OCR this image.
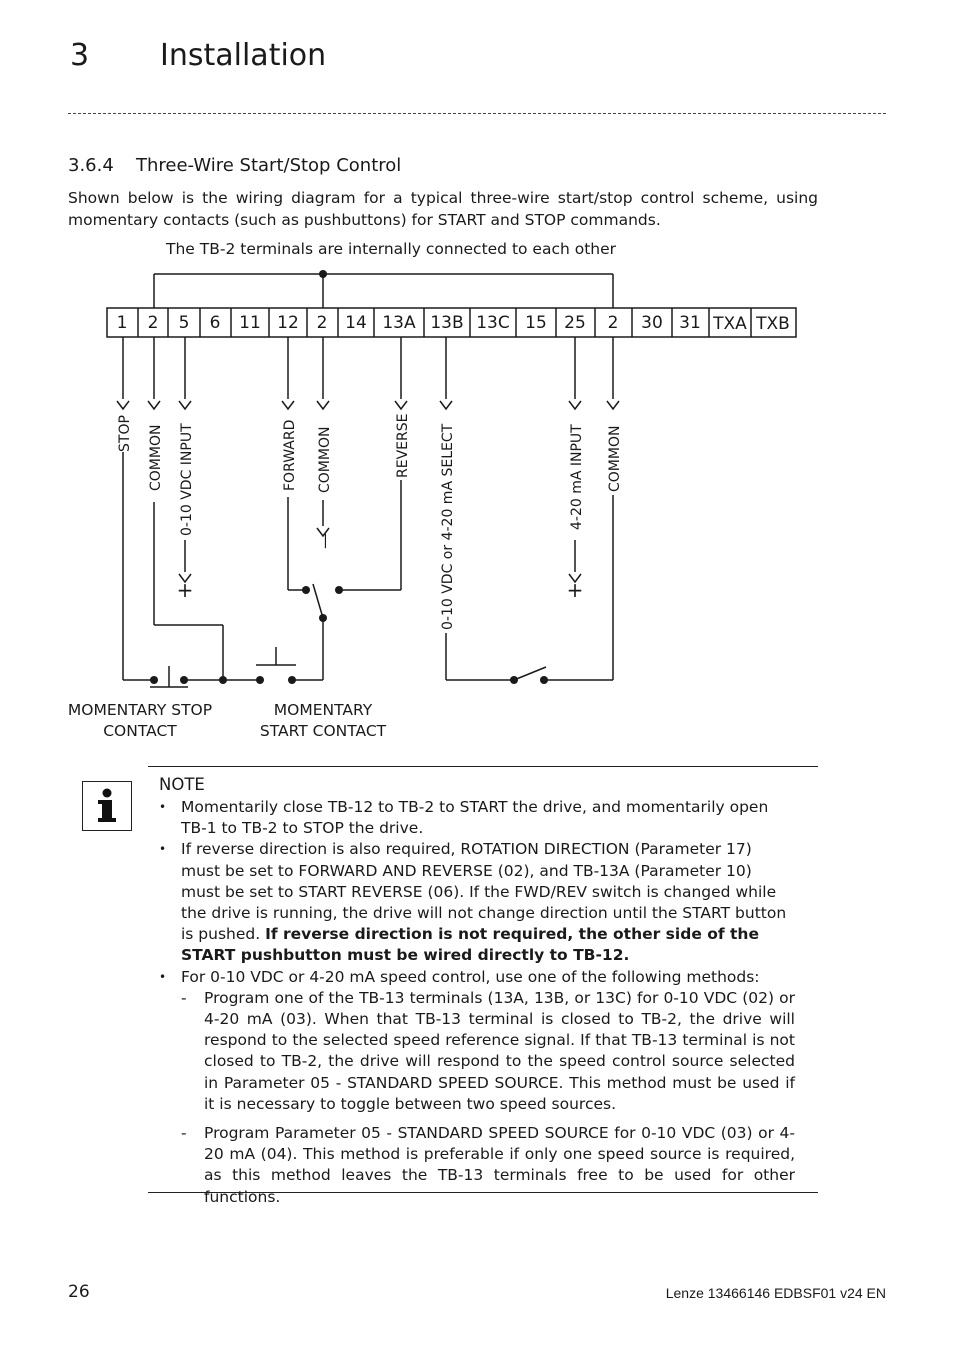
3 Installation
3.6.4 Three-Wire Start/Stop Control
Shown below is the wiring diagram for a typical three-wire start/stop control scheme, using momentary contacts (such as pushbuttons) for START and STOP commands.
The TB-2 terminals are internally connected to each other
1 2 5 6 11 12 2 14 13A 13B 13C 15 25 2 30 31 TXA TXB
STOP COMMON 0-10 VDC INPUT	FORWARD COMMON	REVERSE 0-10 VDC or 4-20 mA SELECT	4-20 mA INPUT COMMON
+	+
—
MOMENTARY STOP
CONTACT
MOMENTARY
START CONTACT
NOTE
• Momentarily close TB-12 to TB-2 to START the drive, and momentarily open TB-1 to TB-2 to STOP the drive.
• If reverse direction is also required, ROTATION DIRECTION (Parameter 17) must be set to FORWARD AND REVERSE (02), and TB-13A (Parameter 10) must be set to START REVERSE (06). If the FWD/REV switch is changed while the drive is running, the drive will not change direction until the START button is pushed. If reverse direction is not required, the other side of the START pushbutton must be wired directly to TB-12.
• For 0-10 VDC or 4-20 mA speed control, use one of the following methods:
- Program one of the TB-13 terminals (13A, 13B, or 13C) for 0-10 VDC (02) or 4-20 mA (03). When that TB-13 terminal is closed to TB-2, the drive will respond to the selected speed reference signal. If that TB-13 terminal is not closed to TB-2, the drive will respond to the speed control source selected in Parameter 05 - STANDARD SPEED SOURCE. This method must be used if it is necessary to toggle between two speed sources.
- Program Parameter 05 - STANDARD SPEED SOURCE for 0-10 VDC (03) or 4-20 mA (04). This method is preferable if only one speed source is required, as this method leaves the TB-13 terminals free to be used for other functions.
26	Lenze 13466146 EDBSF01 v24 EN
